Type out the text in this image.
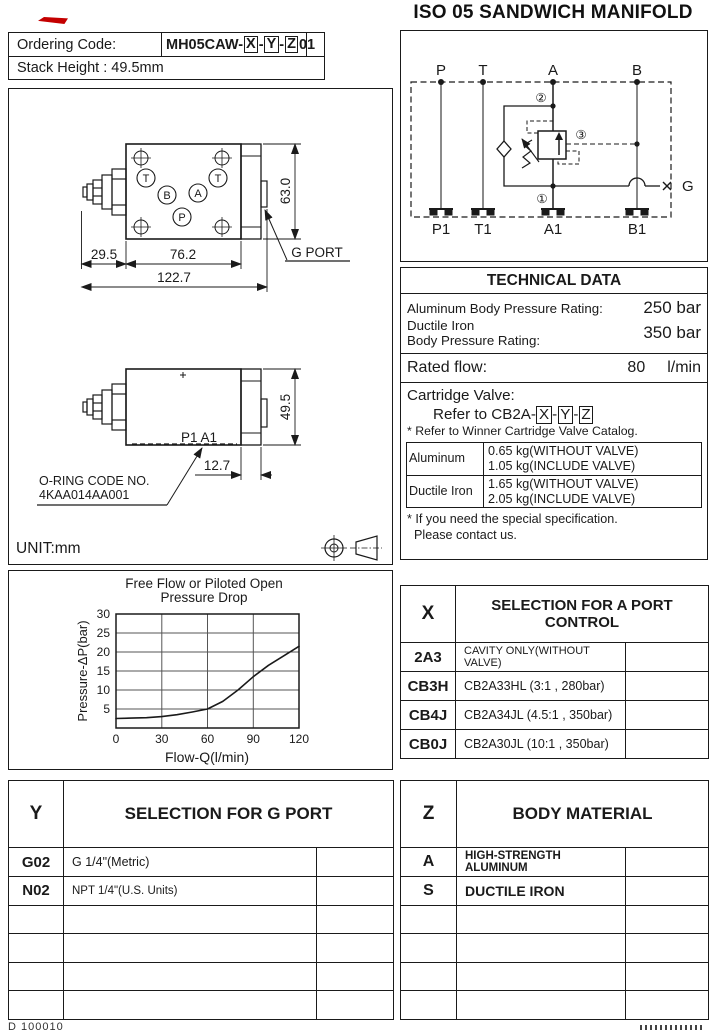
ISO 05 SANDWICH MANIFOLD
Ordering Code:	MH05CAW- X - Y - Z 01
Stack Height : 49.5mm
T	T
B A
P
63.0
29.5	76.2
122.7
G PORT
P1 A1
49.5
12.7
O-RING CODE NO.
4KAA014AA001
UNIT:mm
P T	A	B
G
②
①
③
P1 T1	A1	B1
TECHNICAL DATA
Aluminum Body Pressure Rating: 250 bar
Ductile Iron
Body Pressure Rating:	350 bar
Rated flow:	80 l/min
Cartridge Valve:
Refer to CB2A- X - Y - Z
* Refer to Winner Cartridge Valve Catalog.
Aluminum	0.65 kg(WITHOUT VALVE)
1.05 kg(INCLUDE VALVE)

Ductile Iron	1.65 kg(WITHOUT VALVE)
2.05 kg(INCLUDE VALVE)
* If you need the special specification.
Please contact us.
Free Flow or Piloted Open
Pressure Drop
30
25
20
15
10
5
0	30	60	90 120
Pressure-ΔP(bar)
Flow-Q(l/min)
X	SELECTION FOR A PORT CONTROL	
2A3	CAVITY ONLY(WITHOUT VALVE)	
CB3H	CB2A33HL (3:1 , 280bar)	
CB4J	CB2A34JL (4.5:1 , 350bar)	
CB0J	CB2A30JL (10:1 , 350bar)	
Y	SELECTION FOR G PORT	
G02	G 1/4"(Metric)	
N02	NPT 1/4"(U.S. Units)	

Z	BODY MATERIAL	
A	HIGH-STRENGTH ALUMINUM	
S	DUCTILE IRON	

D 100010
